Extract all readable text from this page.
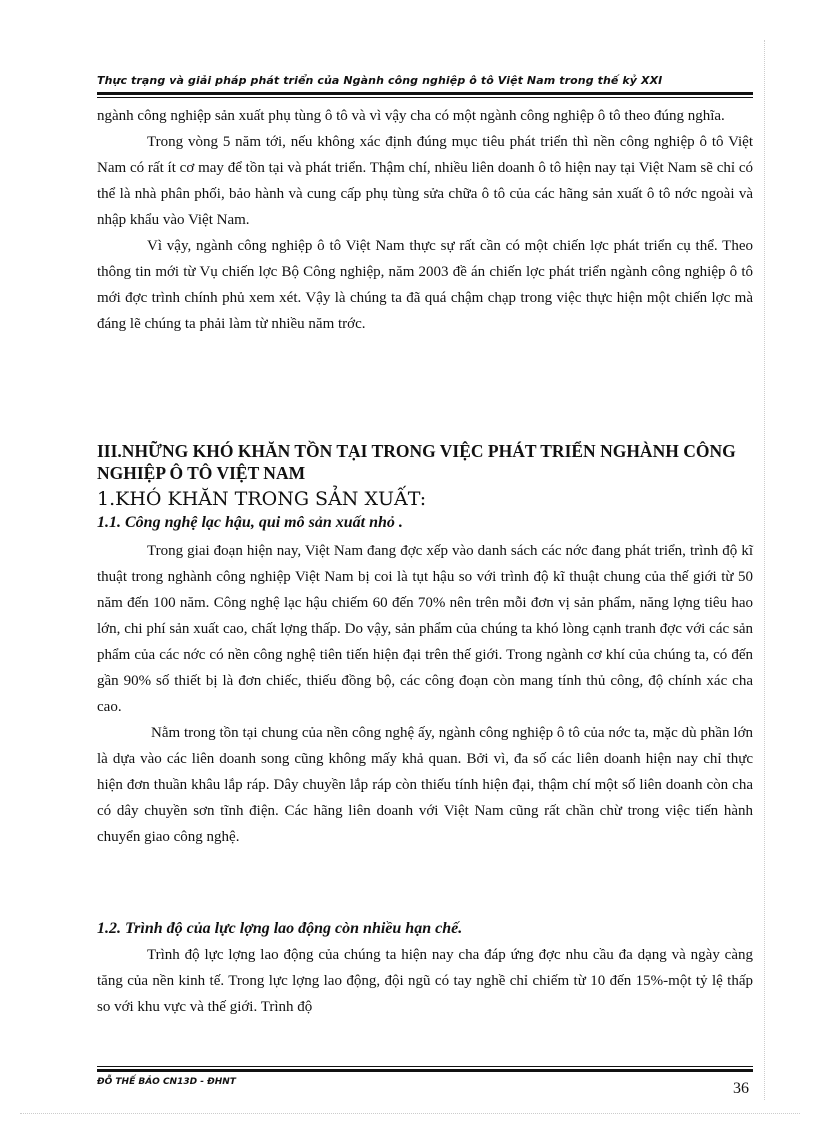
Thực trạng và giải pháp phát triển của Ngành công nghiệp ô tô Việt Nam trong thế kỷ XXI

ngành công nghiệp sản xuất phụ tùng ô tô và vì vậy cha có một ngành công nghiệp ô tô theo đúng nghĩa.

Trong vòng 5 năm tới, nếu không xác định đúng mục tiêu phát triển thì nền công nghiệp ô tô Việt Nam có rất ít cơ may để tồn tại và phát triển. Thậm chí, nhiều liên doanh ô tô hiện nay tại Việt Nam sẽ chỉ có thể là nhà phân phối, bảo hành và cung cấp phụ tùng sửa chữa ô tô của các hãng sản xuất ô tô nớc ngoài và nhập khẩu vào Việt Nam.

Vì vậy, ngành công nghiệp ô tô Việt Nam thực sự rất cần có một chiến lợc phát triển cụ thể. Theo thông tin mới từ Vụ chiến lợc Bộ Công nghiệp, năm 2003 đề án chiến lợc phát triển ngành công nghiệp ô tô mới đợc trình chính phủ xem xét. Vậy là chúng ta đã quá chậm chạp trong việc thực hiện một chiến lợc mà đáng lẽ chúng ta phải làm từ nhiều năm trớc.

III.NHỮNG KHÓ KHĂN TỒN TẠI TRONG VIỆC PHÁT TRIỂN NGHÀNH CÔNG NGHIỆP Ô TÔ VIỆT NAM
1.KHÓ KHĂN TRONG SẢN XUẤT:
1.1. Công nghệ lạc hậu, qui mô sản xuất nhỏ .

Trong giai đoạn hiện nay, Việt Nam đang đợc xếp vào danh sách các nớc đang phát triển, trình độ kĩ thuật trong nghành công nghiệp Việt Nam bị coi là tụt hậu so với trình độ kĩ thuật chung của thế giới từ 50 năm đến 100 năm. Công nghệ lạc hậu chiếm 60 đến 70% nên trên mỗi đơn vị sản phẩm, năng lợng tiêu hao lớn, chi phí sản xuất cao, chất lợng thấp. Do vậy, sản phẩm của chúng ta khó lòng cạnh tranh đợc với các sản phẩm của các nớc có nền công nghệ tiên tiến hiện đại trên thế giới. Trong ngành cơ khí của chúng ta, có đến gần 90% số thiết bị là đơn chiếc, thiếu đồng bộ, các công đoạn còn mang tính thủ công, độ chính xác cha cao.

Nằm trong tồn tại chung của nền công nghệ ấy, ngành công nghiệp ô tô của nớc ta, mặc dù phần lớn là dựa vào các liên doanh song cũng không mấy khả quan. Bởi vì, đa số các liên doanh hiện nay chỉ thực hiện đơn thuần khâu lắp ráp. Dây chuyền lắp ráp còn thiếu tính hiện đại, thậm chí một số liên doanh còn cha có dây chuyền sơn tĩnh điện. Các hãng liên doanh với Việt Nam cũng rất chần chừ trong việc tiến hành chuyển giao công nghệ.

1.2. Trình độ của lực lợng lao động còn nhiều hạn chế.

Trình độ lực lợng lao động của chúng ta hiện nay cha đáp ứng đợc nhu cầu đa dạng và ngày càng tăng của nền kinh tế. Trong lực lợng lao động, đội ngũ có tay nghề chỉ chiếm từ 10 đến 15%-một tỷ lệ thấp so với khu vực và thế giới. Trình độ

ĐỖ THẾ BẢO CN13D - ĐHNT	36
